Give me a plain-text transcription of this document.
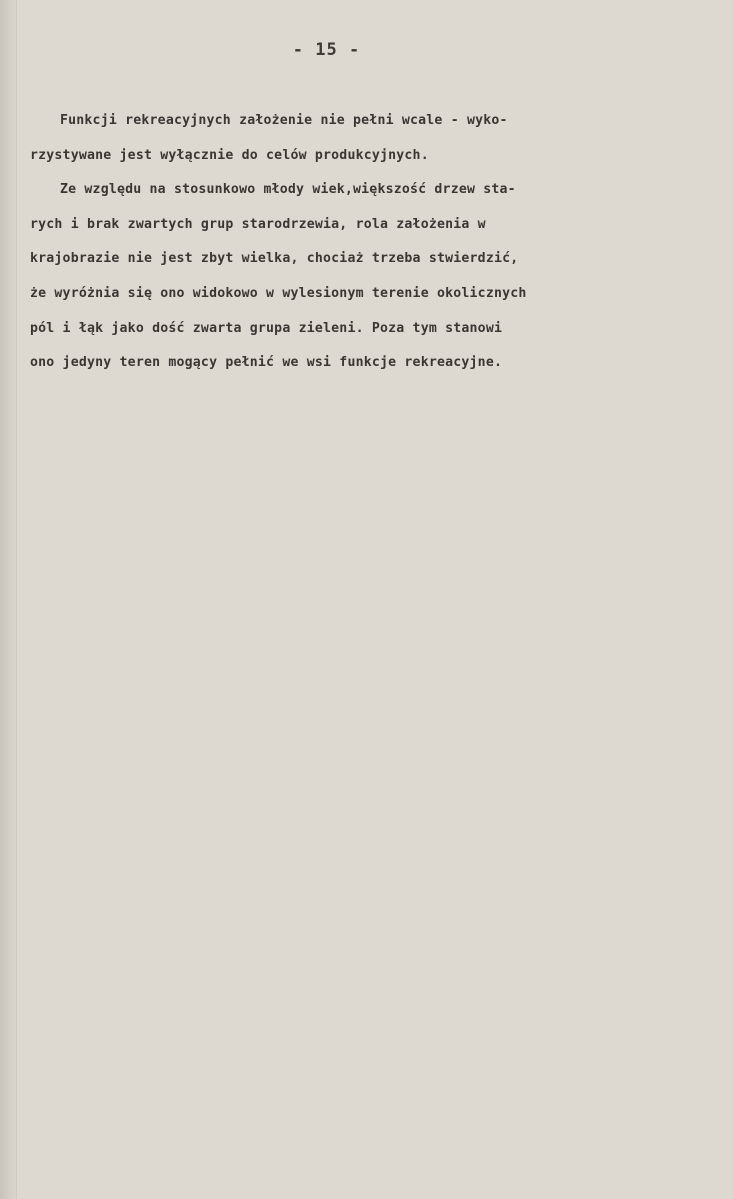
- 15 -
Funkcji rekreacyjnych założenie nie pełni wcale - wykо-
rzystywane jest wyłącznie do celów produkcyjnych.
Ze względu na stosunkowo młody wiek,większość drzew sta-
rych i brak zwartych grup starodrzewia, rola założenia w
krajobrazie nie jest zbyt wielka, chociaż trzeba stwierdzić,
że wyróżnia się ono widokowo w wylesionym terenie okolicznych
pól i łąk jako dość zwarta grupa zieleni. Poza tym stanowi
ono jedyny teren mogący pełnić we wsi funkcje rekreacyjne.
